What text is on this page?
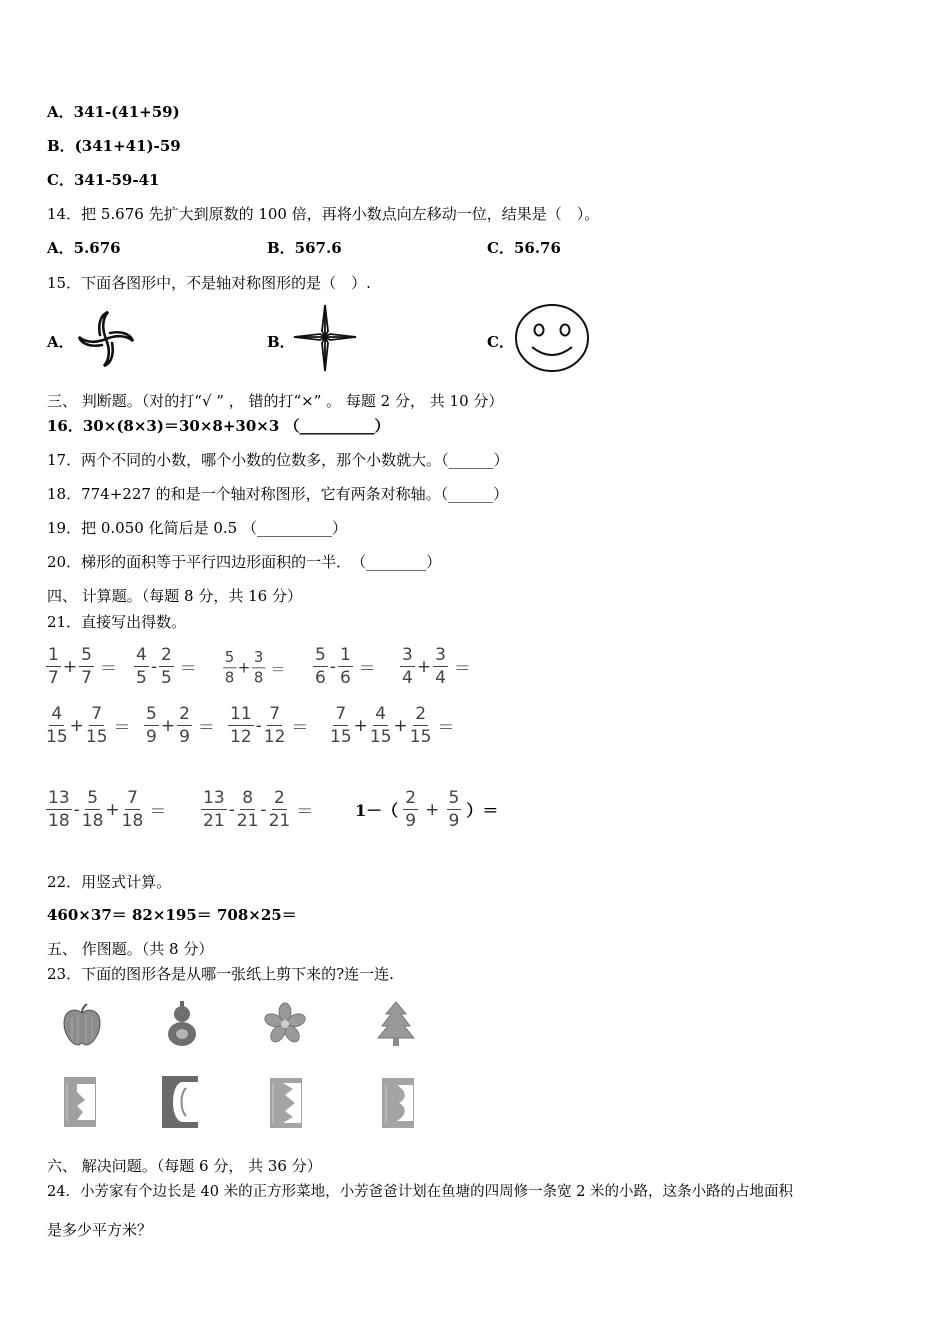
A．341-(41+59)
B．(341+41)-59
C．341-59-41
14．把 5.676 先扩大到原数的 100 倍，再将小数点向左移动一位，结果是（　）。
A．5.676	B．567.6	C．56.76
15．下面各图形中，不是轴对称图形的是（　）.
A．	B．	C．
三、 判断题。（对的打“√ ” ， 错的打“×” 。 每题 2 分， 共 10 分）
16．30×(8×3)＝30×8+30×3 （__________）
17．两个不同的小数，哪个小数的位数多，那个小数就大。（______）
18．774+227 的和是一个轴对称图形，它有两条对称轴。（______）
19．把 0.050 化简后是 0.5 （__________）
20．梯形的面积等于平行四边形面积的一半．　（________）
四、 计算题。（每题 8 分，共 16 分）
21．直接写出得数。
$\frac{1}{7} + \frac{5}{7} = \frac{4}{5} - \frac{2}{5} = \frac{5}{8} + \frac{3}{8} = \frac{5}{6} - \frac{1}{6} = \frac{3}{4} + \frac{3}{4}$ ＝
$\frac{4}{15} + \frac{7}{15} = \frac{5}{9} + \frac{2}{9} = \frac{11}{12} - \frac{7}{12} = \frac{7}{15} + \frac{4}{15} + \frac{2}{15}$ ＝
$\frac{13}{18} - \frac{5}{18} + \frac{7}{18} = \frac{13}{21} - \frac{8}{21} - \frac{2}{21}$ ＝	$1-( \frac{2}{9} + \frac{5}{9}$ ）＝
22．用竖式计算。
460×37＝ 82×195＝ 708×25＝
五、 作图题。（共 8 分）
23．下面的图形各是从哪一张纸上剪下来的?连一连.
六、 解决问题。（每题 6 分， 共 36 分）
24．小芳家有个边长是 40 米的正方形菜地，小芳爸爸计划在鱼塘的四周修一条宽 2 米的小路，这条小路的占地面积
是多少平方米？
